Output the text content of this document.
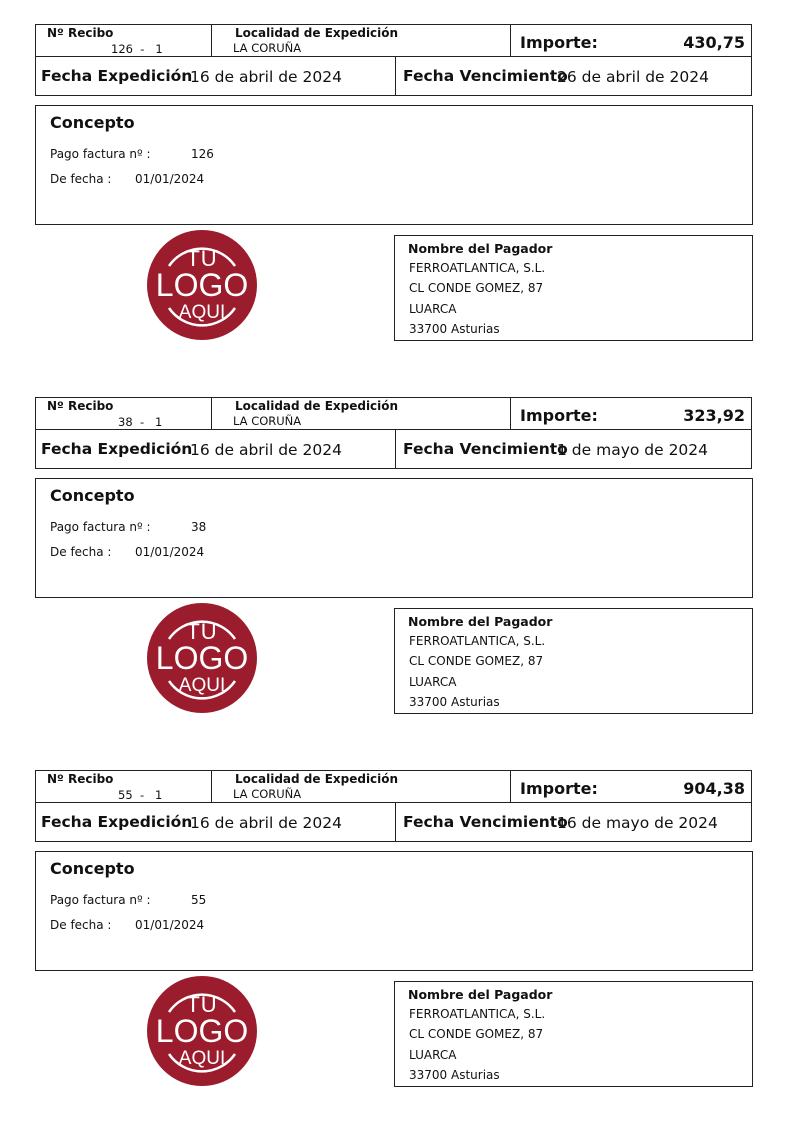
Nº Recibo
126  -   1
Localidad de Expedición
LA CORUÑA	Importe:	430,75
Fecha Expedición
16 de abril de 2024	Fecha Vencimiento
26 de abril de 2024
Concepto
Pago factura nº :	126
De fecha : 01/01/2024
TU
LOGO
AQUI
Nombre del Pagador
FERROATLANTICA, S.L.
CL CONDE GOMEZ, 87
LUARCA
33700 Asturias
Nº Recibo
38  -   1
Localidad de Expedición
LA CORUÑA	Importe:	323,92
Fecha Expedición
16 de abril de 2024	Fecha Vencimiento
1 de mayo de 2024
Concepto
Pago factura nº :	38
De fecha : 01/01/2024
TU
LOGO
AQUI
Nombre del Pagador
FERROATLANTICA, S.L.
CL CONDE GOMEZ, 87
LUARCA
33700 Asturias
Nº Recibo
55  -   1
Localidad de Expedición
LA CORUÑA	Importe:	904,38
Fecha Expedición
16 de abril de 2024	Fecha Vencimiento
16 de mayo de 2024
Concepto
Pago factura nº :	55
De fecha : 01/01/2024
TU
LOGO
AQUI
Nombre del Pagador
FERROATLANTICA, S.L.
CL CONDE GOMEZ, 87
LUARCA
33700 Asturias
